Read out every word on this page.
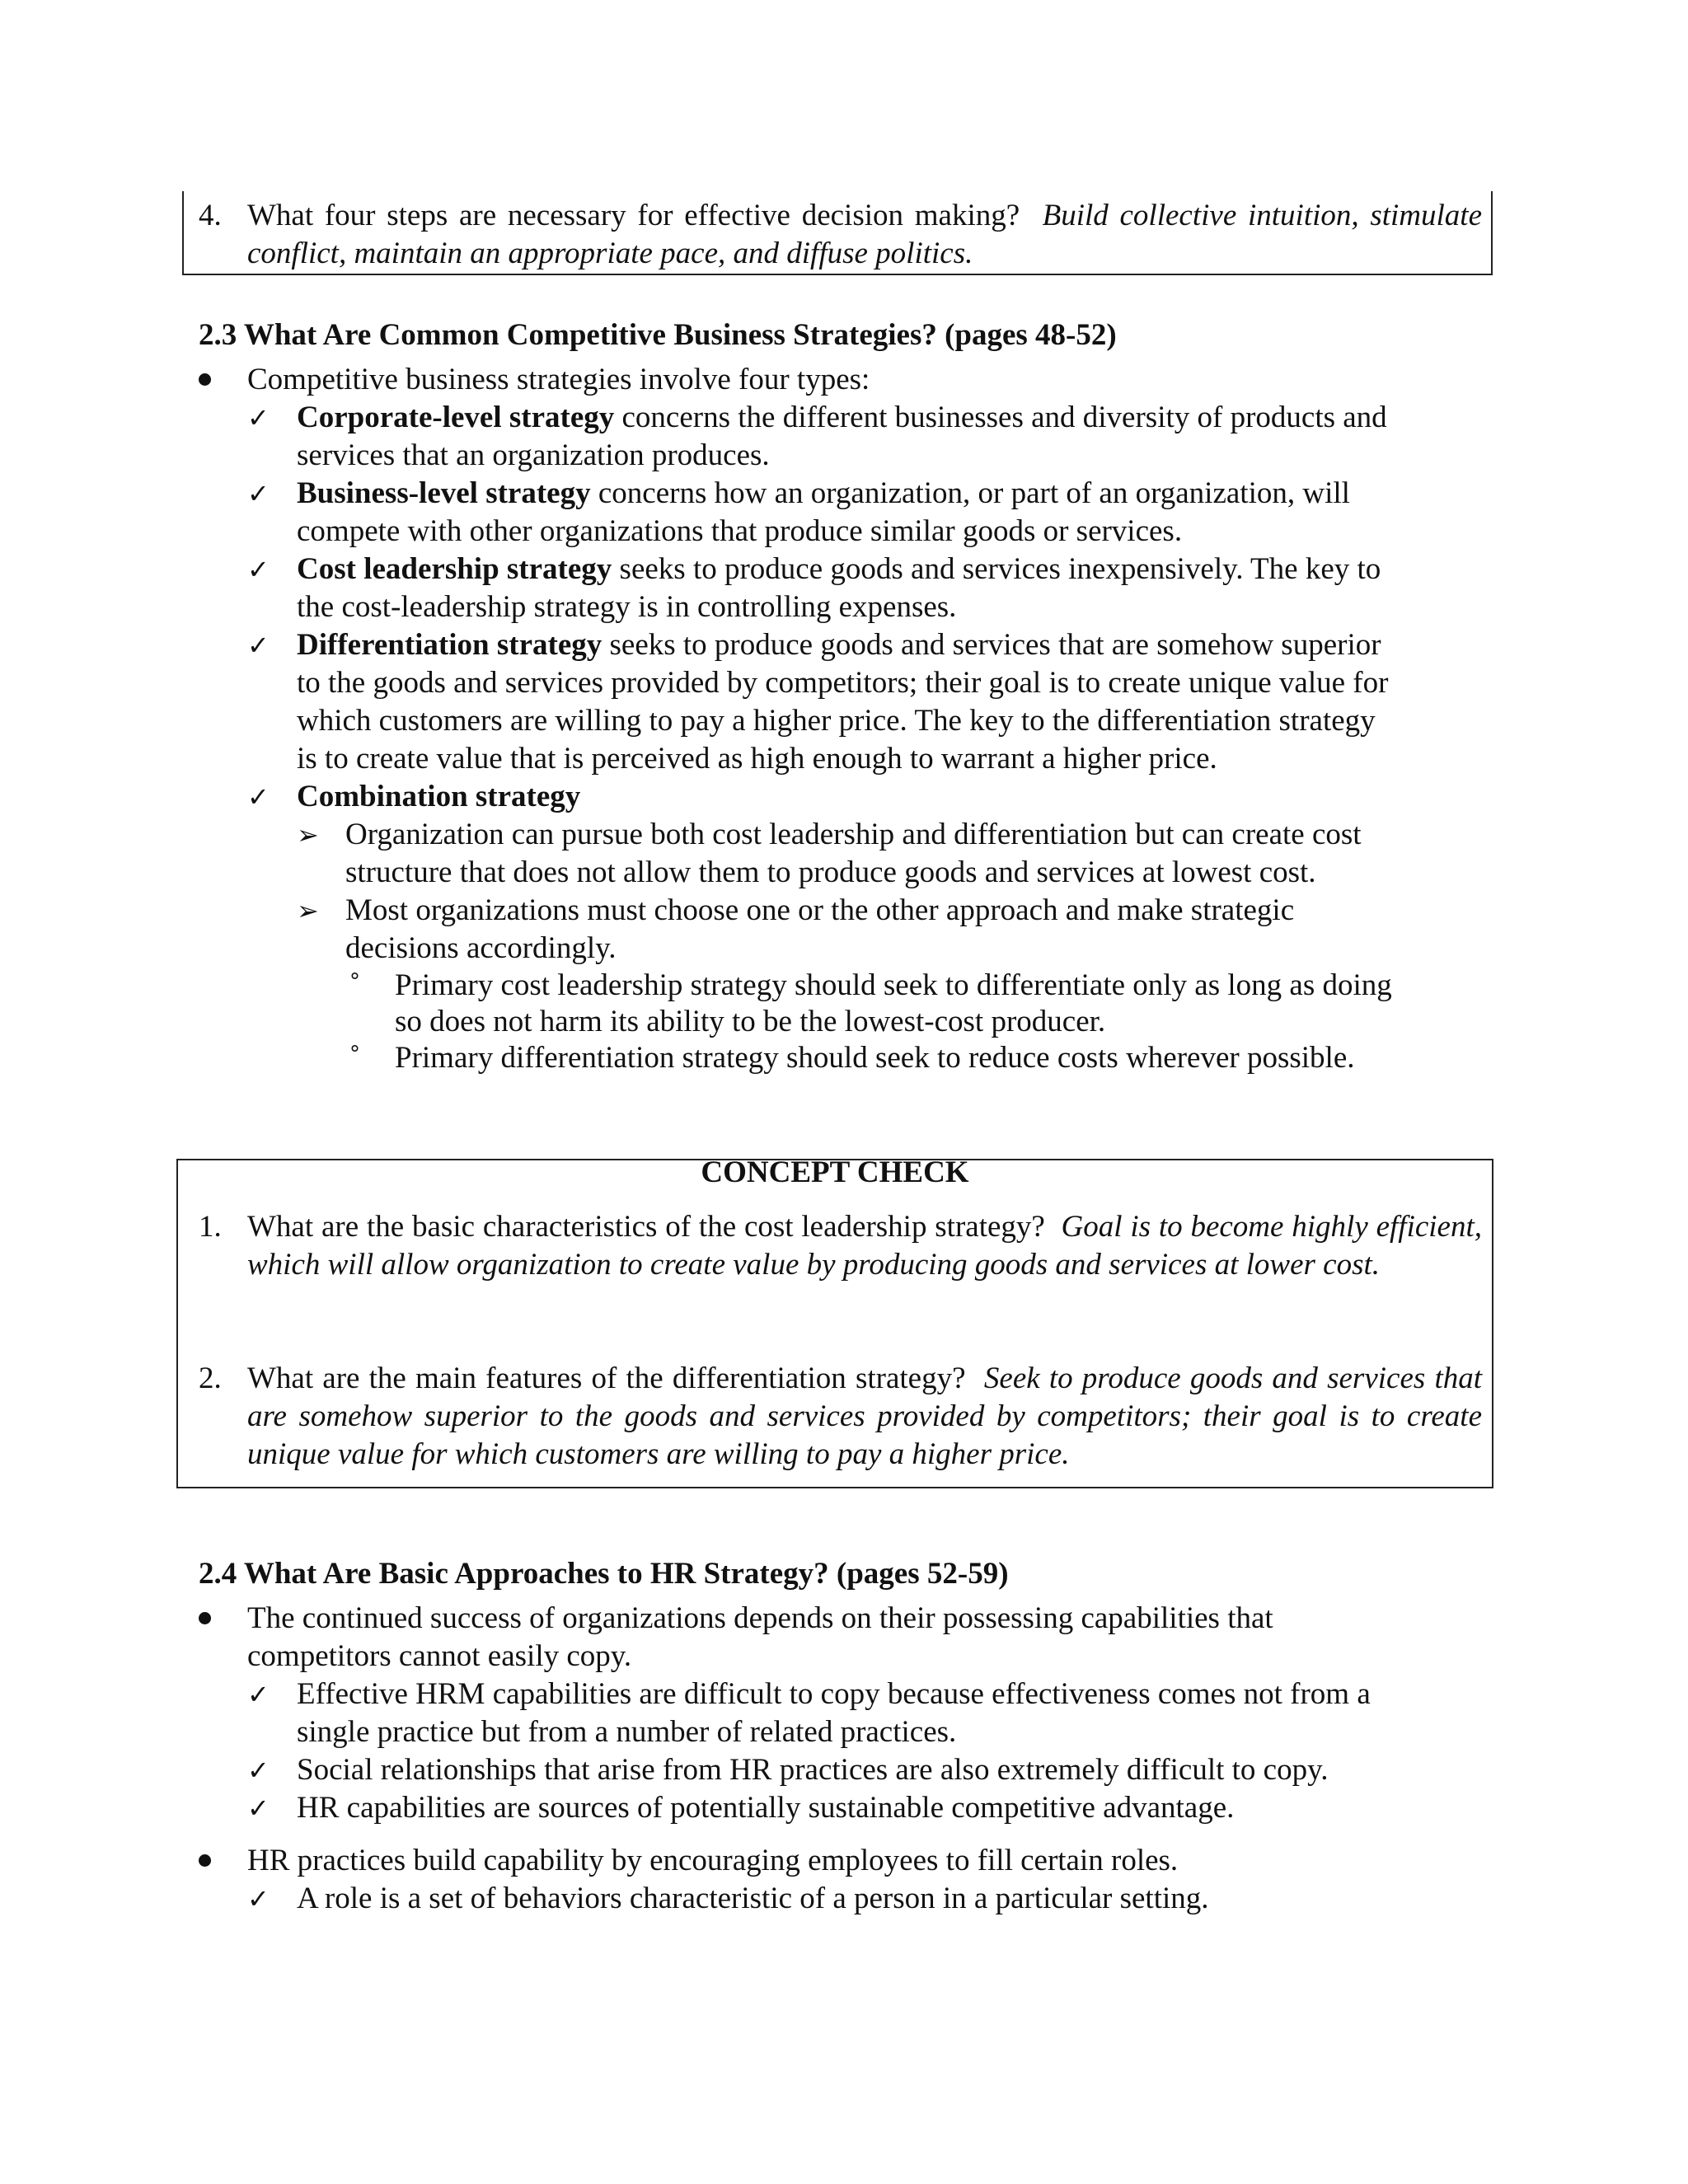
4. What four steps are necessary for effective decision making? Build collective intuition, stimulate conflict, maintain an appropriate pace, and diffuse politics.
2.3 What Are Common Competitive Business Strategies? (pages 48-52)
Competitive business strategies involve four types:
✓ Corporate-level strategy concerns the different businesses and diversity of products and
services that an organization produces.
✓ Business-level strategy concerns how an organization, or part of an organization, will
compete with other organizations that produce similar goods or services.
✓ Cost leadership strategy seeks to produce goods and services inexpensively. The key to
the cost-leadership strategy is in controlling expenses.
✓ Differentiation strategy seeks to produce goods and services that are somehow superior
to the goods and services provided by competitors; their goal is to create unique value for
which customers are willing to pay a higher price. The key to the differentiation strategy
is to create value that is perceived as high enough to warrant a higher price.
✓ Combination strategy
➢ Organization can pursue both cost leadership and differentiation but can create cost
structure that does not allow them to produce goods and services at lowest cost.
➢ Most organizations must choose one or the other approach and make strategic
decisions accordingly.
° Primary cost leadership strategy should seek to differentiate only as long as doing
so does not harm its ability to be the lowest-cost producer.
° Primary differentiation strategy should seek to reduce costs wherever possible.
CONCEPT CHECK
1. What are the basic characteristics of the cost leadership strategy? Goal is to become highly efficient, which will allow organization to create value by producing goods and services at lower cost.
2. What are the main features of the differentiation strategy? Seek to produce goods and services that are somehow superior to the goods and services provided by competitors; their goal is to create unique value for which customers are willing to pay a higher price.
2.4 What Are Basic Approaches to HR Strategy? (pages 52-59)
The continued success of organizations depends on their possessing capabilities that
competitors cannot easily copy.
✓ Effective HRM capabilities are difficult to copy because effectiveness comes not from a
single practice but from a number of related practices.
✓ Social relationships that arise from HR practices are also extremely difficult to copy.
✓ HR capabilities are sources of potentially sustainable competitive advantage.
HR practices build capability by encouraging employees to fill certain roles.
✓ A role is a set of behaviors characteristic of a person in a particular setting.
